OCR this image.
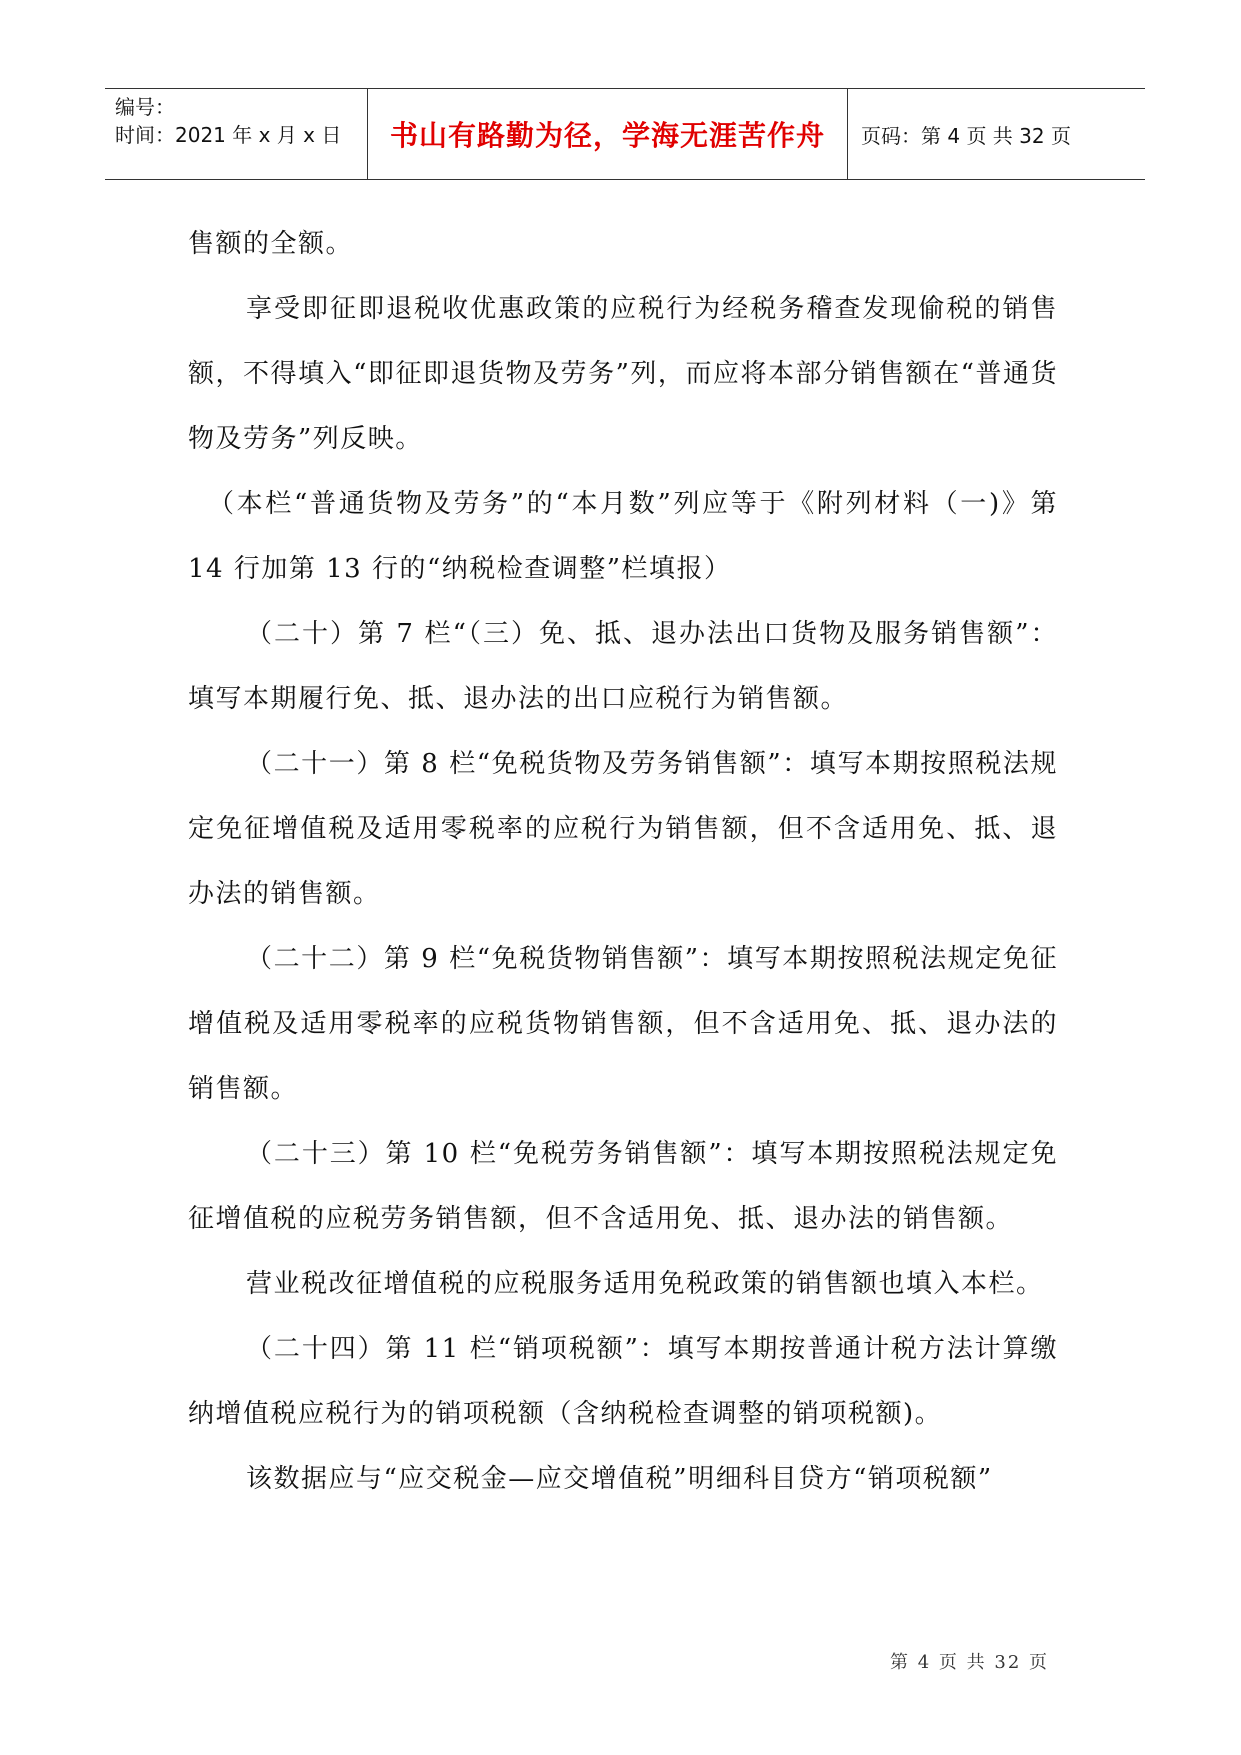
编号：
时间：2021 年 x 月 x 日	书山有路勤为径，学海无涯苦作舟	页码：第 4 页 共 32 页

售额的全额。

享受即征即退税收优惠政策的应税行为经税务稽查发现偷税的销售额，不得填入“即征即退货物及劳务”列，而应将本部分销售额在“普通货物及劳务”列反映。

（本栏“普通货物及劳务”的“本月数”列应等于《附列材料（一)》第 14 行加第 13 行的“纳税检查调整”栏填报）

（二十）第 7 栏“（三）免、抵、退办法出口货物及服务销售额”：填写本期履行免、抵、退办法的出口应税行为销售额。

（二十一）第 8 栏“免税货物及劳务销售额”：填写本期按照税法规定免征增值税及适用零税率的应税行为销售额，但不含适用免、抵、退办法的销售额。

（二十二）第 9 栏“免税货物销售额”：填写本期按照税法规定免征增值税及适用零税率的应税货物销售额，但不含适用免、抵、退办法的销售额。

（二十三）第 10 栏“免税劳务销售额”：填写本期按照税法规定免征增值税的应税劳务销售额，但不含适用免、抵、退办法的销售额。

营业税改征增值税的应税服务适用免税政策的销售额也填入本栏。

（二十四）第 11 栏“销项税额”：填写本期按普通计税方法计算缴纳增值税应税行为的销项税额（含纳税检查调整的销项税额)。

该数据应与“应交税金—应交增值税”明细科目贷方“销项税额”

第 4 页 共 32 页
